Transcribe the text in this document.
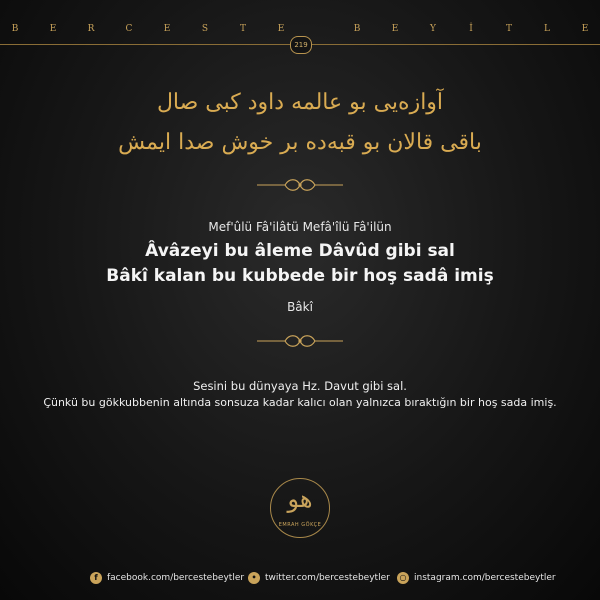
B	E	R	C	E	S	T	E	B	E	Y	İ	T	L	E
219
آوازه‌یی بو عالمه داود کبی صال
باقی قالان بو قبه‌ده بر خوش صدا ایمش
Mef'ûlü Fâ'ilâtü Mefâ'îlü Fâ'ilün
Âvâzeyi bu âleme Dâvûd gibi sal
Bâkî kalan bu kubbede bir hoş sadâ imiş
Bâkî
Sesini bu dünyaya Hz. Davut gibi sal.
Çünkü bu gökkubbenin altında sonsuza kadar kalıcı olan yalnızca bıraktığın bir hoş sada imiş.
هو
EMRAH GÖKÇE
f	facebook.com/bercestebeytler • twitter.com/bercestebeytler	○ instagram.com/bercestebeytler
